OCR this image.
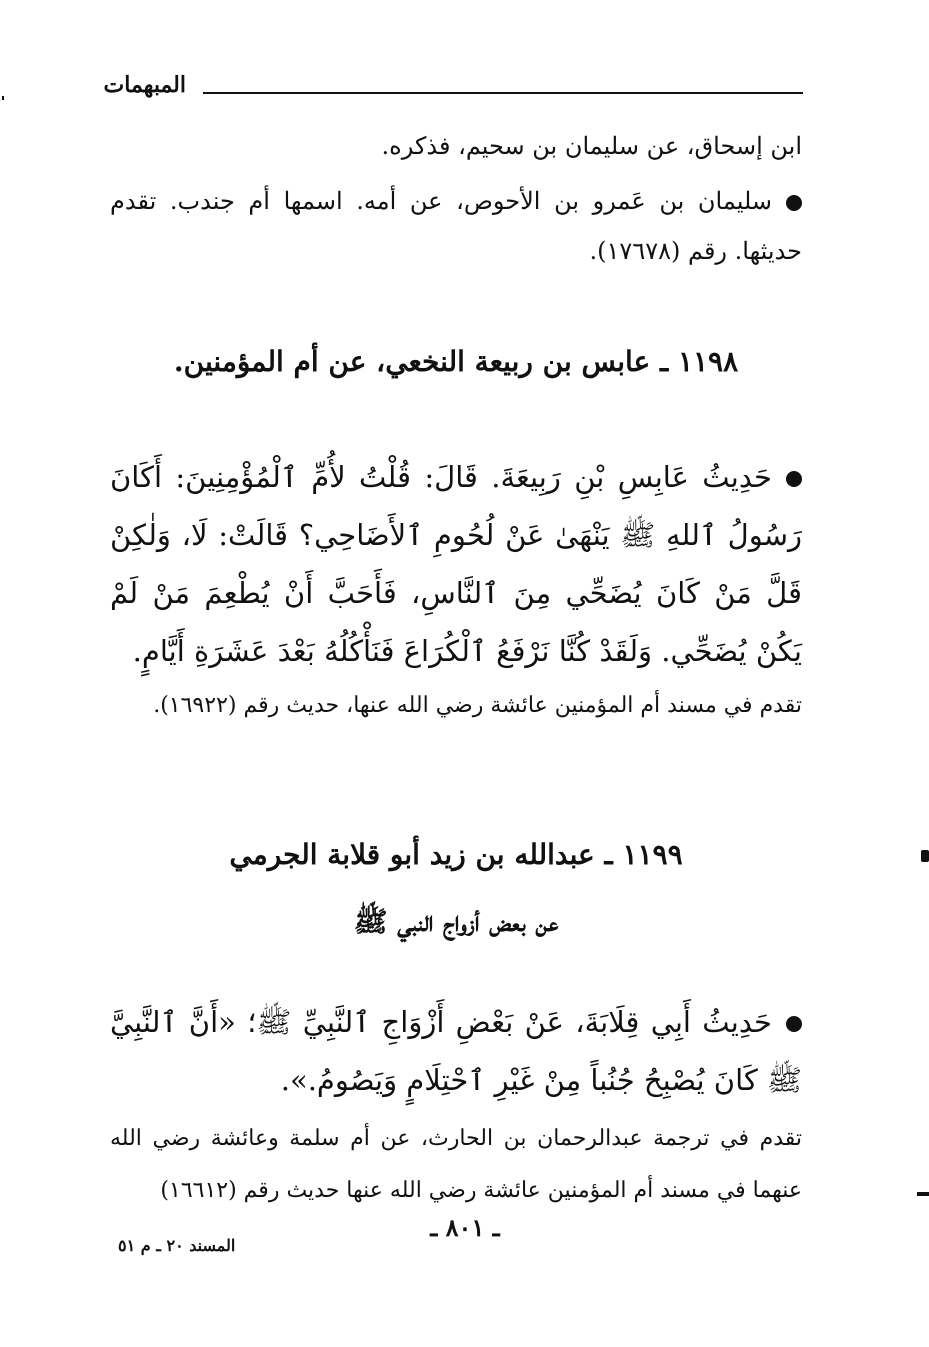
المبهمات
ابن إسحاق، عن سليمان بن سحيم، فذكره.
سليمان بن عَمرو بن الأحوص، عن أمه. اسمها أم جندب. تقدم حديثها. رقم (١٧٦٧٨).
١١٩٨ ـ عابس بن ربيعة النخعي، عن أم المؤمنين.
حَدِيثُ عَابِسِ بْنِ رَبِيعَةَ. قَالَ: قُلْتُ لأُمِّ ٱلْمُؤْمِنِينَ: أَكَانَ رَسُولُ ٱللهِ ﷺ يَنْهَىٰ عَنْ لُحُومِ ٱلأَضَاحِي؟ قَالَتْ: لَا، وَلٰكِنْ قَلَّ مَنْ كَانَ يُضَحِّي مِنَ ٱلنَّاسِ، فَأَحَبَّ أَنْ يُطْعِمَ مَنْ لَمْ يَكُنْ يُضَحِّي. وَلَقَدْ كُنَّا نَرْفَعُ ٱلْكُرَاعَ فَنَأْكُلُهُ بَعْدَ عَشَرَةِ أَيَّامٍ.
تقدم في مسند أم المؤمنين عائشة رضي الله عنها، حديث رقم (١٦٩٢٢).
١١٩٩ ـ عبدالله بن زيد أبو قلابة الجرمي
عن بعض أزواج النبي ﷺ
حَدِيثُ أَبِي قِلَابَةَ، عَنْ بَعْضِ أَزْوَاجِ ٱلنَّبِيِّ ﷺ؛ «أَنَّ ٱلنَّبِيَّ ﷺ كَانَ يُصْبِحُ جُنُباً مِنْ غَيْرِ ٱحْتِلَامٍ وَيَصُومُ.».
تقدم في ترجمة عبدالرحمان بن الحارث، عن أم سلمة وعائشة رضي الله عنهما في مسند أم المؤمنين عائشة رضي الله عنها حديث رقم (١٦٦١٢)
ـ ٨٠١ ـ
المسند ٢٠ ـ م ٥١
